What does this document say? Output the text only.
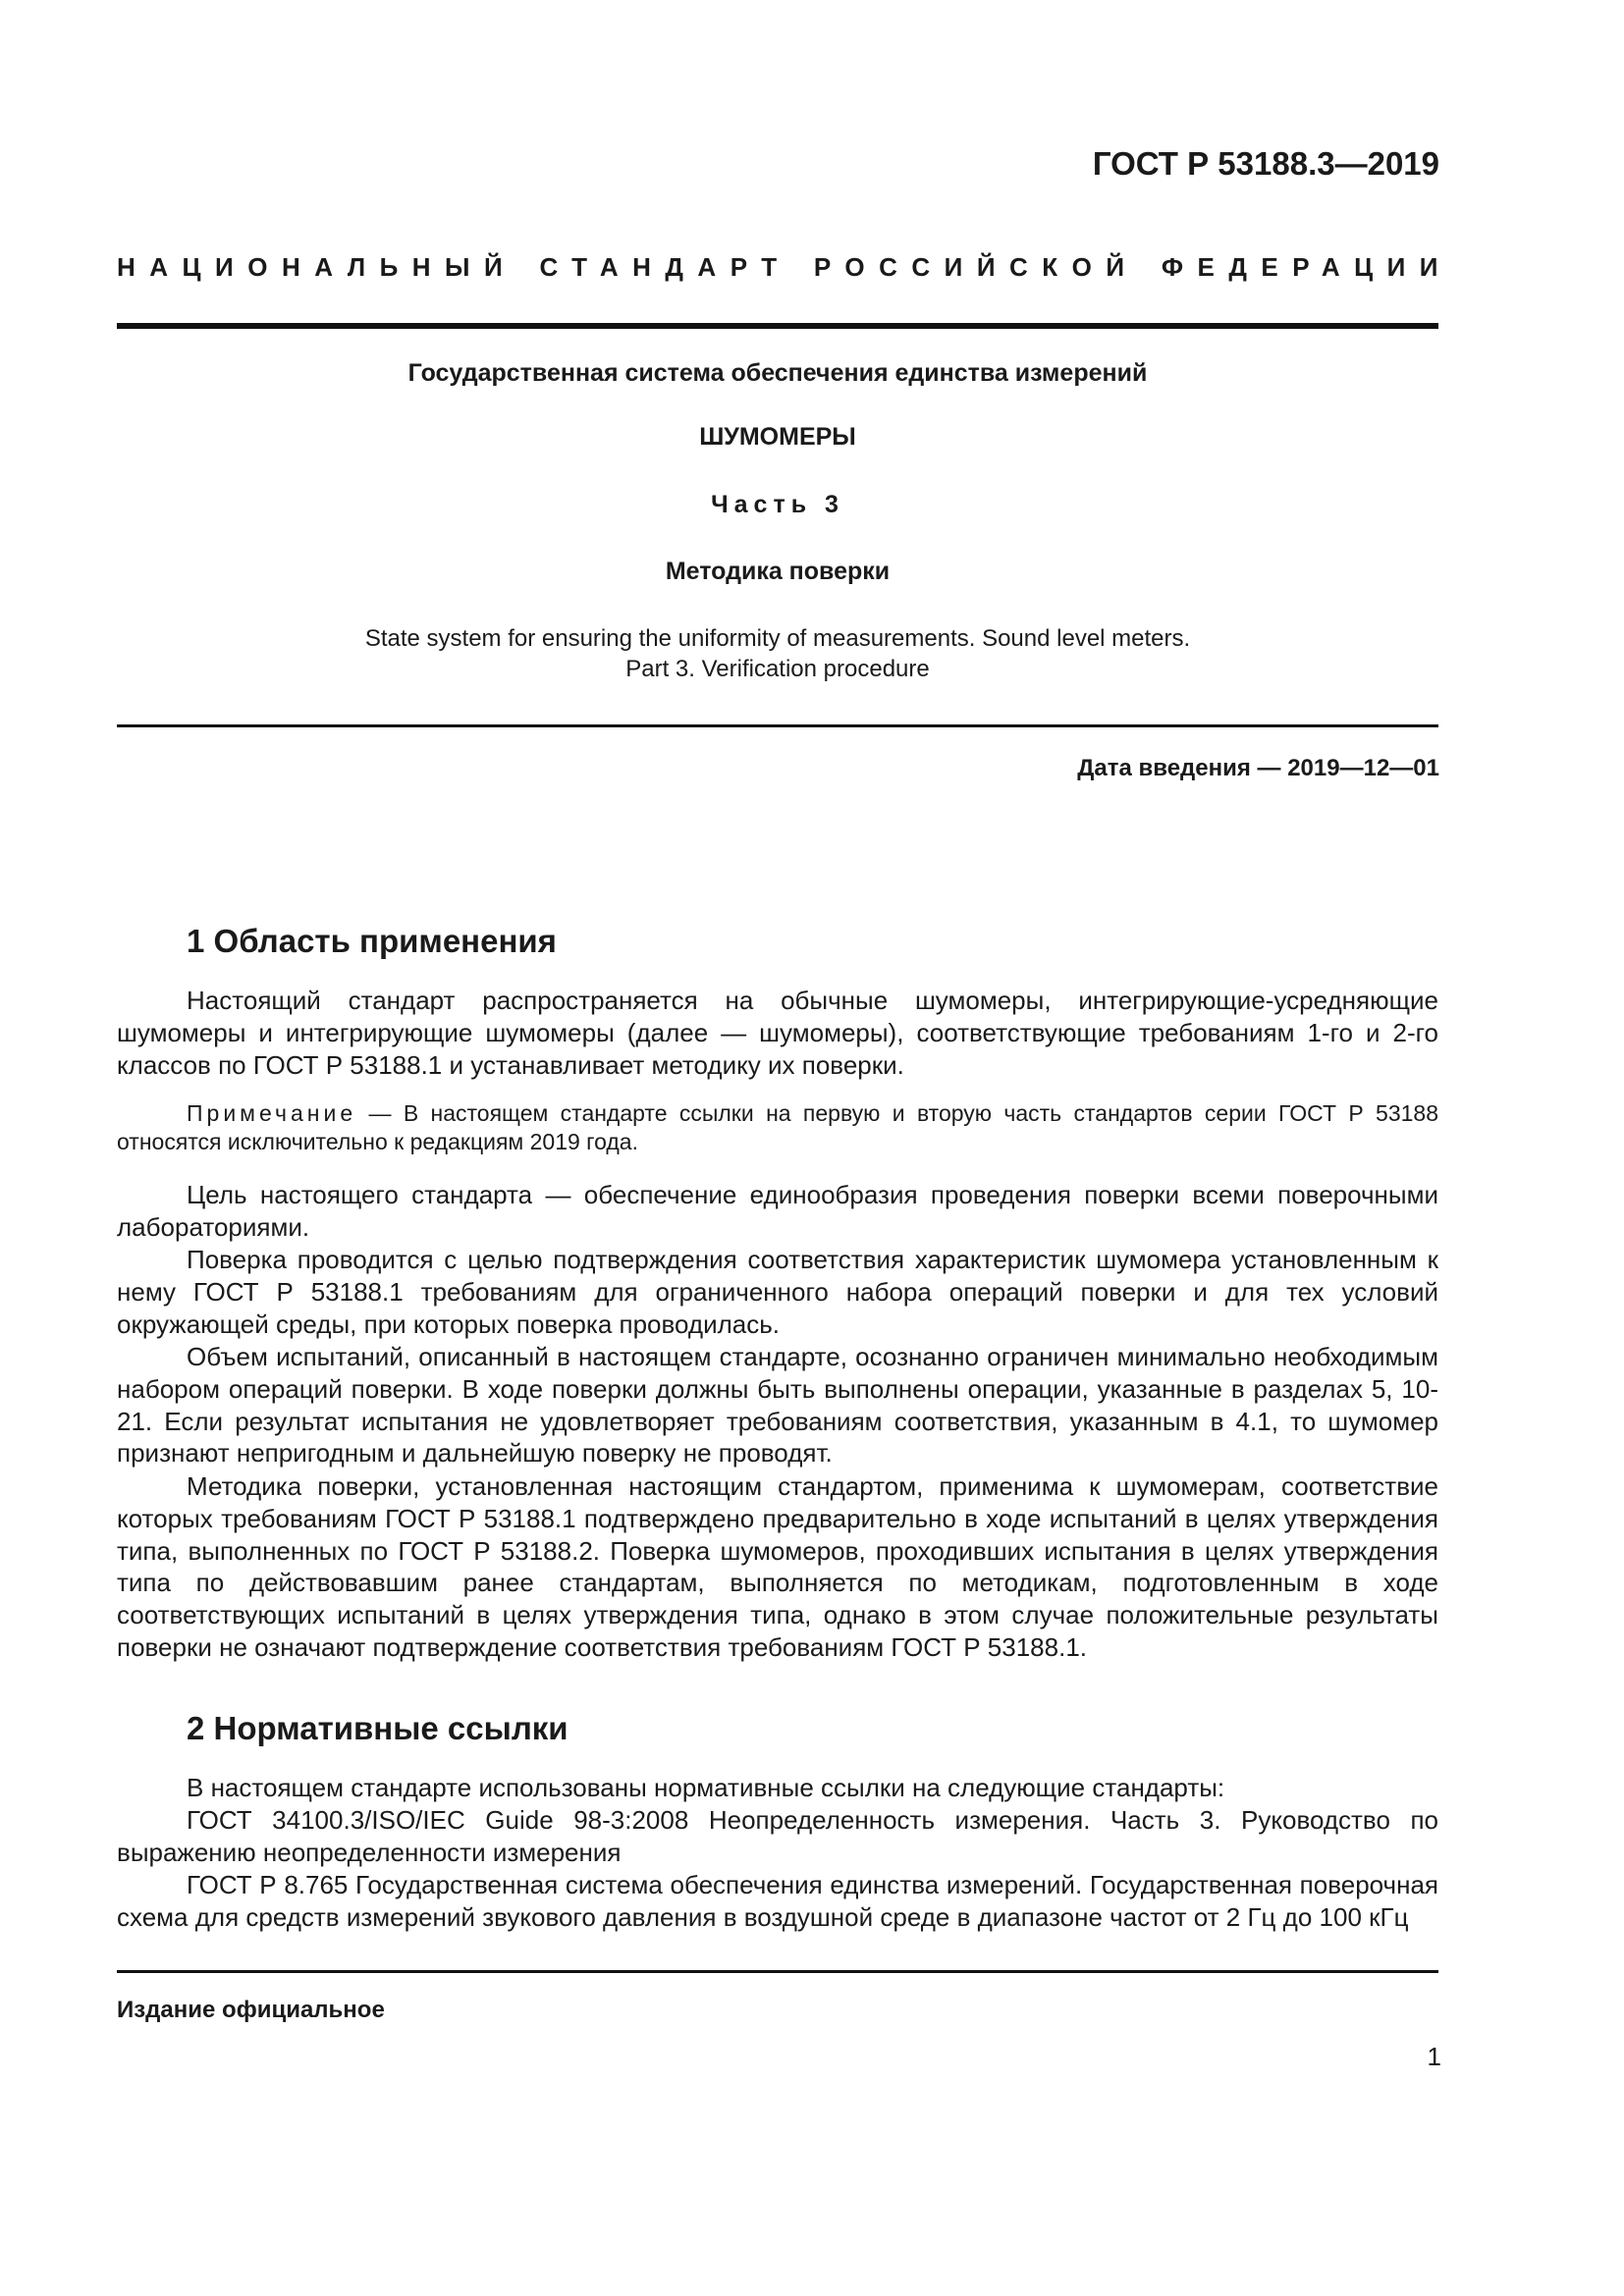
ГОСТ Р 53188.3—2019
НАЦИОНАЛЬНЫЙ СТАНДАРТ РОССИЙСКОЙ ФЕДЕРАЦИИ
Государственная система обеспечения единства измерений
ШУМОМЕРЫ
Часть 3
Методика поверки
State system for ensuring the uniformity of measurements. Sound level meters.
Part 3. Verification procedure
Дата введения — 2019—12—01
1 Область применения

Настоящий стандарт распространяется на обычные шумомеры, интегрирующие-усредняющие шумомеры и интегрирующие шумомеры (далее — шумомеры), соответствующие требованиям 1-го и 2-го классов по ГОСТ Р 53188.1 и устанавливает методику их поверки.

Примечание — В настоящем стандарте ссылки на первую и вторую часть стандартов серии ГОСТ Р 53188 относятся исключительно к редакциям 2019 года.

Цель настоящего стандарта — обеспечение единообразия проведения поверки всеми поверочными лабораториями.

Поверка проводится с целью подтверждения соответствия характеристик шумомера установленным к нему ГОСТ Р 53188.1 требованиям для ограниченного набора операций поверки и для тех условий окружающей среды, при которых поверка проводилась.

Объем испытаний, описанный в настоящем стандарте, осознанно ограничен минимально необходимым набором операций поверки. В ходе поверки должны быть выполнены операции, указанные в разделах 5, 10-21. Если результат испытания не удовлетворяет требованиям соответствия, указанным в 4.1, то шумомер признают непригодным и дальнейшую поверку не проводят.

Методика поверки, установленная настоящим стандартом, применима к шумомерам, соответствие которых требованиям ГОСТ Р 53188.1 подтверждено предварительно в ходе испытаний в целях утверждения типа, выполненных по ГОСТ Р 53188.2. Поверка шумомеров, проходивших испытания в целях утверждения типа по действовавшим ранее стандартам, выполняется по методикам, подготовленным в ходе соответствующих испытаний в целях утверждения типа, однако в этом случае положительные результаты поверки не означают подтверждение соответствия требованиям ГОСТ Р 53188.1.

2 Нормативные ссылки

В настоящем стандарте использованы нормативные ссылки на следующие стандарты:

ГОСТ 34100.3/ISO/IEC Guide 98-3:2008 Неопределенность измерения. Часть 3. Руководство по выражению неопределенности измерения

ГОСТ Р 8.765 Государственная система обеспечения единства измерений. Государственная поверочная схема для средств измерений звукового давления в воздушной среде в диапазоне частот от 2 Гц до 100 кГц

Издание официальное
1
